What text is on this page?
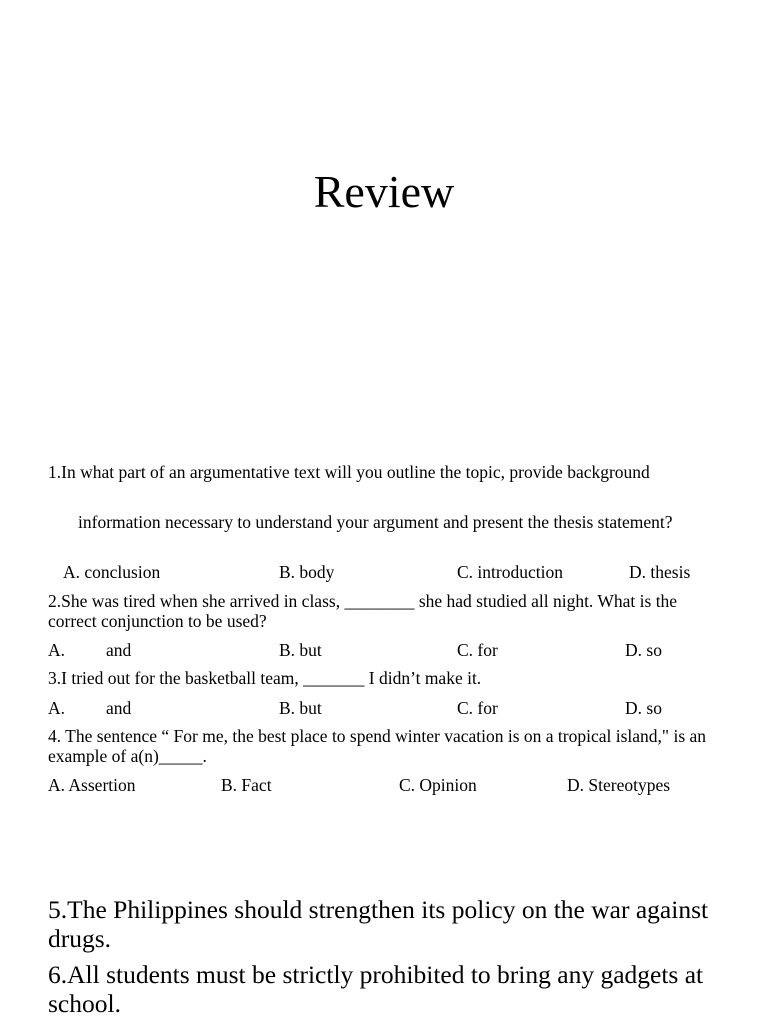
Review
1.In what part of an argumentative text will you outline the topic, provide background

information necessary to understand your argument and present the thesis statement?
A. conclusion	B. body	C. introduction	D. thesis
2.She was tired when she arrived in class, ________ she had studied all night. What is the correct conjunction to be used?
A. and	B. but	C. for	D. so
3.I tried out for the basketball team, _______ I didn’t make it.
A. and	B. but	C. for	D. so
4. The sentence “ For me, the best place to spend winter vacation is on a tropical island," is an example of a(n)_____.
A. Assertion	B. Fact	C. Opinion	D. Stereotypes
5.The Philippines should strengthen its policy on the war against drugs.
6.All students must be strictly prohibited to bring any gadgets at school.
